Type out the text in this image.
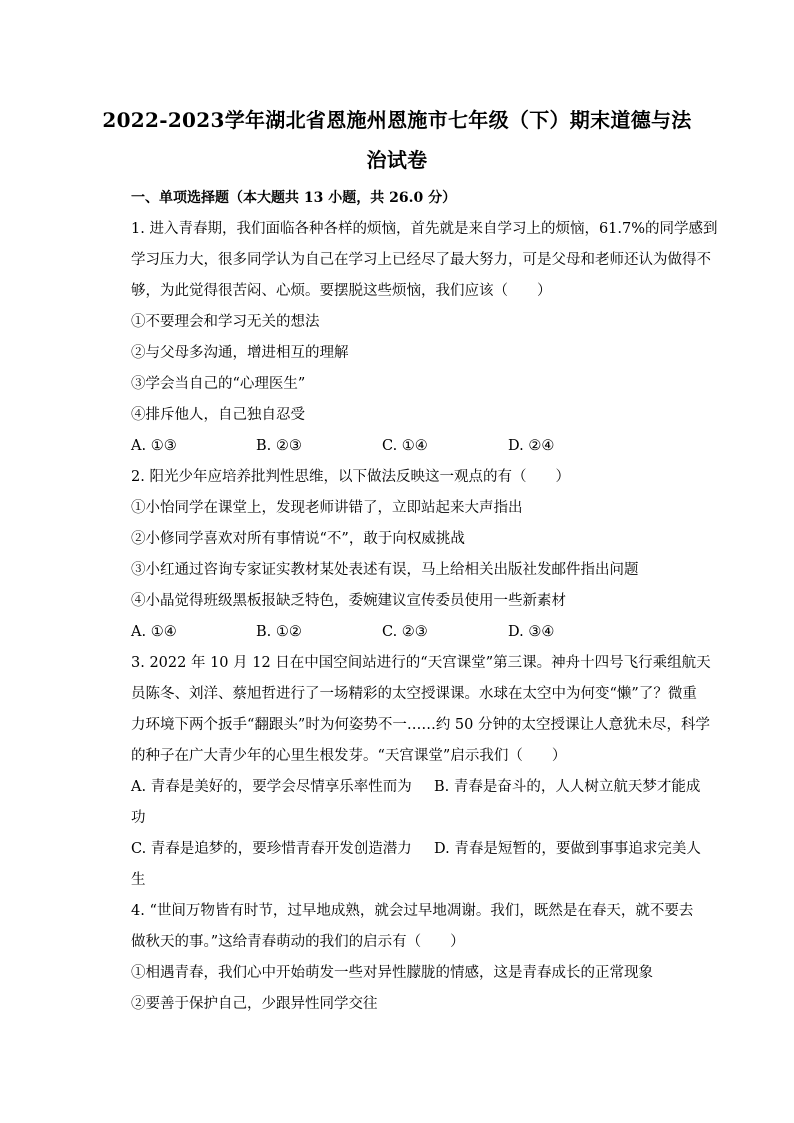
2022-2023学年湖北省恩施州恩施市七年级（下）期末道德与法
治试卷
一、单项选择题（本大题共 13 小题，共 26.0 分）
1. 进入青春期，我们面临各种各样的烦恼，首先就是来自学习上的烦恼，61.7%的同学感到
学习压力大，很多同学认为自己在学习上已经尽了最大努力，可是父母和老师还认为做得不
够，为此觉得很苦闷、心烦。要摆脱这些烦恼，我们应该（　　）
①不要理会和学习无关的想法
②与父母多沟通，增进相互的理解
③学会当自己的“心理医生”
④排斥他人，自己独自忍受
A. ①③	B. ②③	C. ①④	D. ②④
2. 阳光少年应培养批判性思维，以下做法反映这一观点的有（　　）
①小怡同学在课堂上，发现老师讲错了，立即站起来大声指出
②小修同学喜欢对所有事情说“不”，敢于向权威挑战
③小红通过咨询专家证实教材某处表述有误，马上给相关出版社发邮件指出问题
④小晶觉得班级黑板报缺乏特色，委婉建议宣传委员使用一些新素材
A. ①④	B. ①②	C. ②③	D. ③④
3. 2022 年 10 月 12 日在中国空间站进行的“天宫课堂”第三课。神舟十四号飞行乘组航天
员陈冬、刘洋、蔡旭哲进行了一场精彩的太空授课课。水球在太空中为何变“懒”了？微重
力环境下两个扳手“翻跟头”时为何姿势不一……约 50 分钟的太空授课让人意犹未尽，科学
的种子在广大青少年的心里生根发芽。“天宫课堂”启示我们（　　）
A. 青春是美好的，要学会尽情享乐率性而为 B. 青春是奋斗的，人人树立航天梦才能成
功
C. 青春是追梦的，要珍惜青春开发创造潜力 D. 青春是短暂的，要做到事事追求完美人
生
4. “世间万物皆有时节，过早地成熟，就会过早地凋谢。我们，既然是在春天，就不要去
做秋天的事。”这给青春萌动的我们的启示有（　　）
①相遇青春，我们心中开始萌发一些对异性朦胧的情感，这是青春成长的正常现象
②要善于保护自己，少跟异性同学交往
